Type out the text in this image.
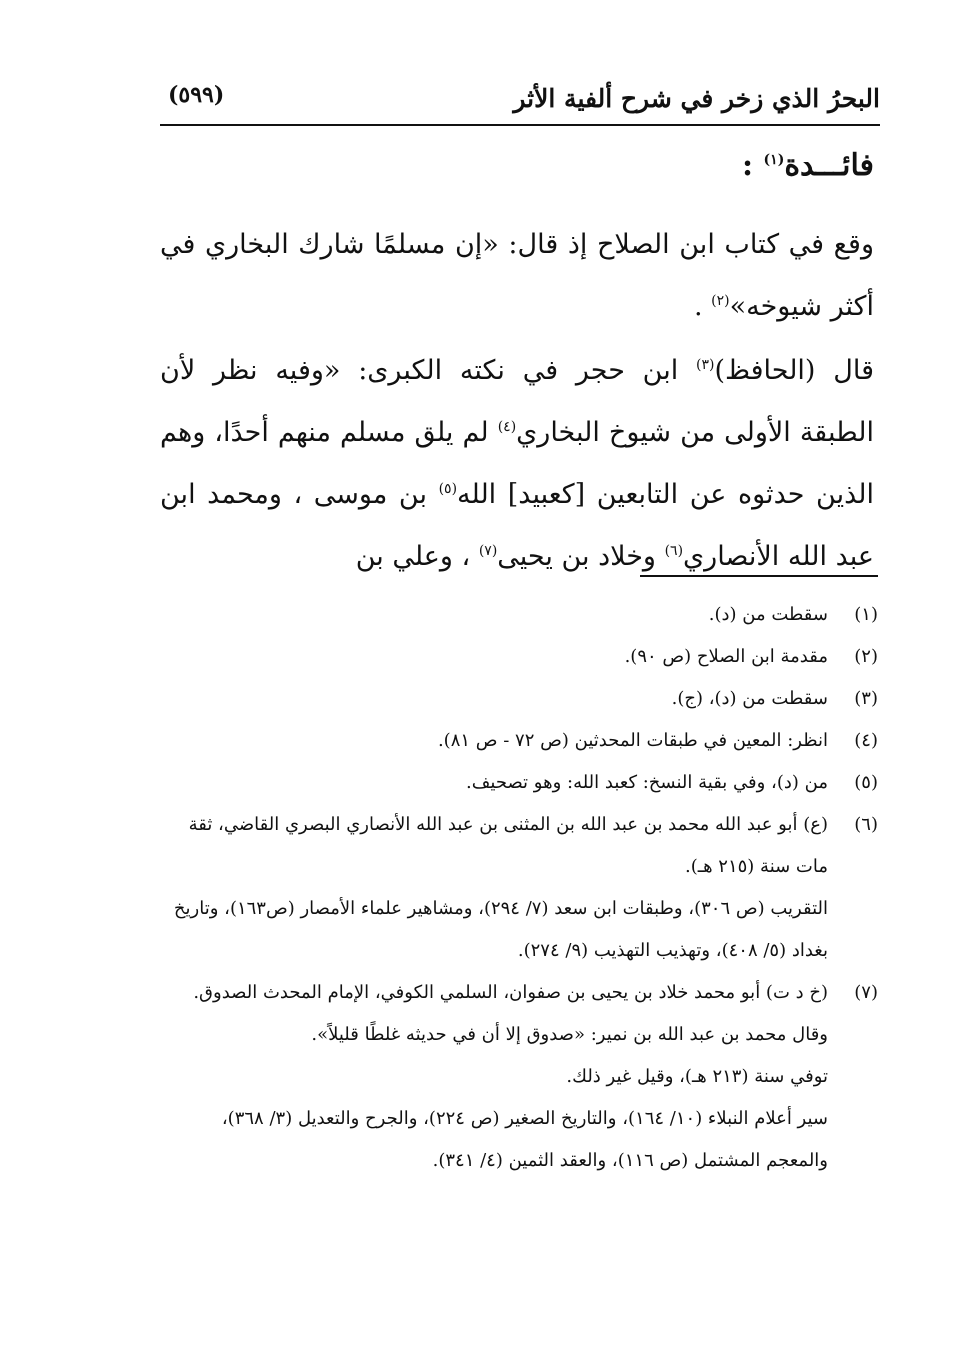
البحرُ الذي زخر في شرح ألفية الأثر
(٥٩٩)
فائـــدة$^{(١)}$ :
وقع في كتاب ابن الصلاح إذ قال: «إن مسلمًا شارك البخاري في أكثر شيوخه»$^{(٢)}$ .
قال (الحافظ)$^{(٣)}$ ابن حجر في نكته الكبرى: «وفيه نظر لأن الطبقة الأولى من شيوخ البخاري$^{(٤)}$ لم يلق مسلم منهم أحدًا، وهم الذين حدثوه عن التابعين [كعبيد] الله$^{(٥)}$ بن موسى ، ومحمد ابن عبد الله الأنصاري$^{(٦)}$ وخلاد بن يحيى$^{(٧)}$ ، وعلي بن
(١)
سقطت من (د).
(٢)
مقدمة ابن الصلاح (ص ٩٠).
(٣)
سقطت من (د)، (ج).
(٤)
انظر: المعين في طبقات المحدثين (ص ٧٢ - ص ٨١).
(٥)
من (د)، وفي بقية النسخ: كعبد الله: وهو تصحيف.
(٦)
(ع) أبو عبد الله محمد بن عبد الله بن المثنى بن عبد الله الأنصاري البصري القاضي، ثقة مات سنة (٢١٥ هـ).
التقريب (ص ٣٠٦)، وطبقات ابن سعد (٧/ ٢٩٤)، ومشاهير علماء الأمصار (ص١٦٣)، وتاريخ بغداد (٥/ ٤٠٨)، وتهذيب التهذيب (٩/ ٢٧٤).
(٧)
(خ د ت) أبو محمد خلاد بن يحيى بن صفوان، السلمي الكوفي، الإمام المحدث الصدوق.
وقال محمد بن عبد الله بن نمير: «صدوق إلا أن في حديثه غلطًا قليلاً».
توفي سنة (٢١٣ هـ)، وقيل غير ذلك.
سير أعلام النبلاء (١٠/ ١٦٤)، والتاريخ الصغير (ص ٢٢٤)، والجرح والتعديل (٣/ ٣٦٨)، والمعجم المشتمل (ص ١١٦)، والعقد الثمين (٤/ ٣٤١).
